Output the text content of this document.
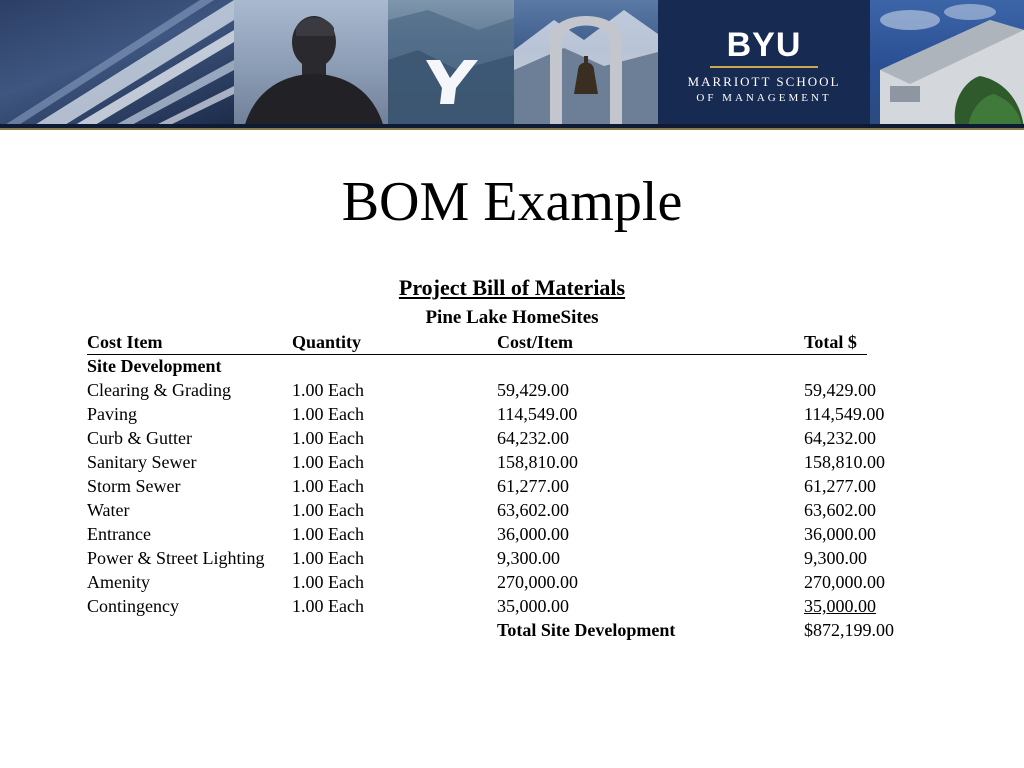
BYU
MARRIOTT SCHOOL
OF MANAGEMENT
BOM Example
Project Bill of Materials
Pine Lake HomeSites
Cost Item	Quantity	Cost/Item	Total $
Site Development
Clearing & Grading	1.00 Each	59,429.00	59,429.00
Paving	1.00 Each	114,549.00	114,549.00
Curb & Gutter	1.00 Each	64,232.00	64,232.00
Sanitary Sewer	1.00 Each	158,810.00	158,810.00
Storm Sewer	1.00 Each	61,277.00	61,277.00
Water	1.00 Each	63,602.00	63,602.00
Entrance	1.00 Each	36,000.00	36,000.00
Power & Street Lighting 1.00 Each	9,300.00	9,300.00
Amenity	1.00 Each	270,000.00	270,000.00
Contingency	1.00 Each	35,000.00	35,000.00
Total Site Development	$872,199.00
